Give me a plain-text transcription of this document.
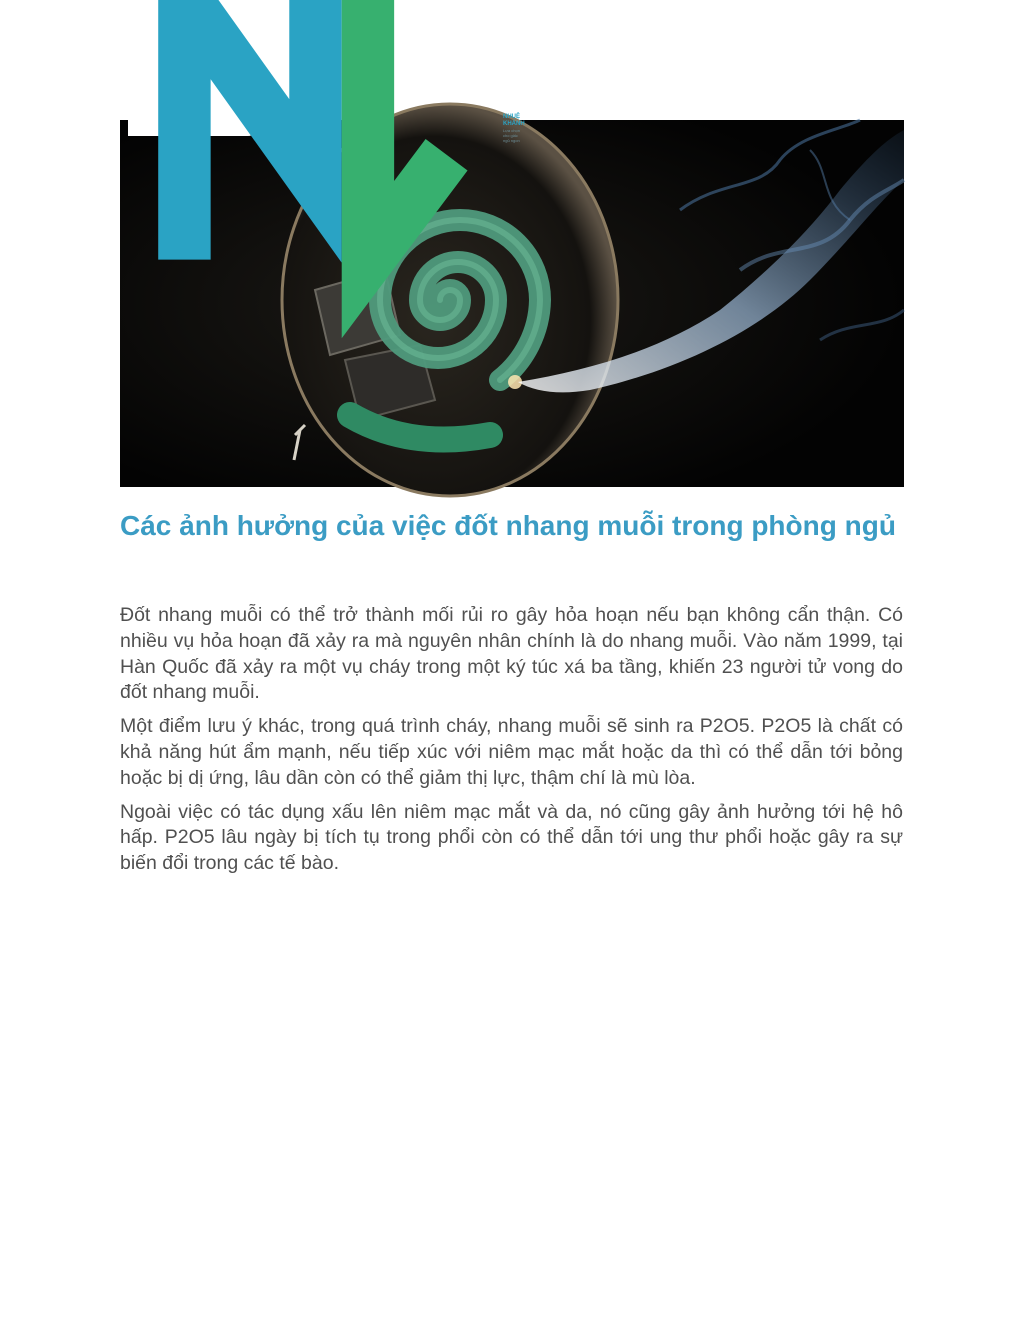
NHUỆ KHÁNH
Lựa chọn cho giấc ngủ ngon
Các ảnh hưởng của việc đốt nhang muỗi trong phòng ngủ

Đốt nhang muỗi có thể trở thành mối rủi ro gây hỏa hoạn nếu bạn không cẩn thận. Có nhiều vụ hỏa hoạn đã xảy ra mà nguyên nhân chính là do nhang muỗi. Vào năm 1999, tại Hàn Quốc đã xảy ra một vụ cháy trong một ký túc xá ba tầng, khiến 23 người tử vong do đốt nhang muỗi.

Một điểm lưu ý khác, trong quá trình cháy, nhang muỗi sẽ sinh ra P2O5. P2O5 là chất có khả năng hút ẩm mạnh, nếu tiếp xúc với niêm mạc mắt hoặc da thì có thể dẫn tới bỏng hoặc bị dị ứng, lâu dần còn có thể giảm thị lực, thậm chí là mù lòa.

Ngoài việc có tác dụng xấu lên niêm mạc mắt và da, nó cũng gây ảnh hưởng tới hệ hô hấp. P2O5 lâu ngày bị tích tụ trong phổi còn có thể dẫn tới ung thư phổi hoặc gây ra sự biến đổi trong các tế bào.
